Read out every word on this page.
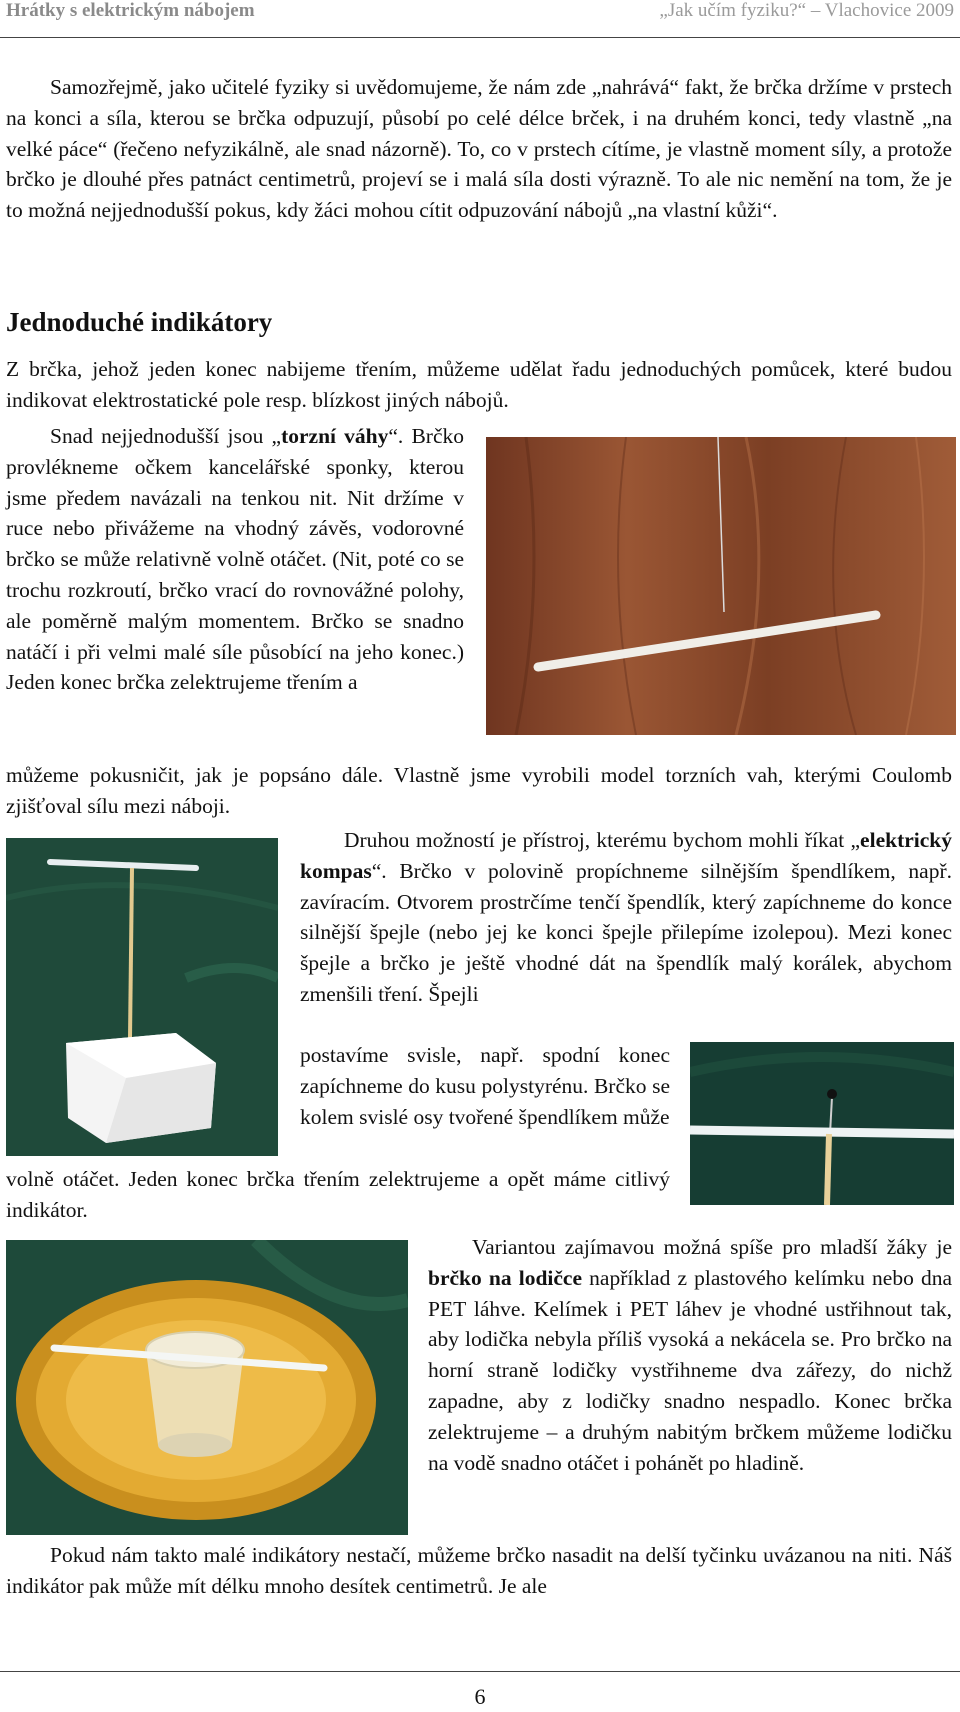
Hrátky s elektrickým nábojem	„Jak učím fyziku?“ – Vlachovice 2009

Samozřejmě, jako učitelé fyziky si uvědomujeme, že nám zde „nahrává“ fakt, že brčka držíme v prstech na konci a síla, kterou se brčka odpuzují, působí po celé délce brček, i na druhém konci, tedy vlastně „na velké páce“ (řečeno nefyzikálně, ale snad názorně). To, co v prstech cítíme, je vlastně moment síly, a protože brčko je dlouhé přes patnáct centimetrů, projeví se i malá síla dosti výrazně. To ale nic nemění na tom, že je to možná nejjednodušší pokus, kdy žáci mohou cítit odpuzování nábojů „na vlastní kůži“.

Jednoduché indikátory

Z brčka, jehož jeden konec nabijeme třením, můžeme udělat řadu jednoduchých pomůcek, které budou indikovat elektrostatické pole resp. blízkost jiných nábojů.

Snad nejjednodušší jsou „torzní váhy“. Brčko provlékneme očkem kancelářské sponky, kterou jsme předem navázali na tenkou nit. Nit držíme v ruce nebo přivážeme na vhodný závěs, vodorovné brčko se může relativně volně otáčet. (Nit, poté co se trochu rozkroutí, brčko vrací do rovnovážné polohy, ale poměrně malým momentem. Brčko se snadno natáčí i při velmi malé síle působící na jeho konec.) Jeden konec brčka zelektrujeme třením a

můžeme pokusničit, jak je popsáno dále. Vlastně jsme vyrobili model torzních vah, kterými Coulomb zjišťoval sílu mezi náboji.

Druhou možností je přístroj, kterému bychom mohli říkat „elektrický kompas“. Brčko v polovině propíchneme silnějším špendlíkem, např. zavíracím. Otvorem prostrčíme tenčí špendlík, který zapíchneme do konce silnější špejle (nebo jej ke konci špejle přilepíme izolepou). Mezi konec špejle a brčko je ještě vhodné dát na špendlík malý korálek, abychom zmenšili tření. Špejli

postavíme svisle, např. spodní konec zapíchneme do kusu polystyrénu. Brčko se kolem svislé osy tvořené špendlíkem může

volně otáčet. Jeden konec brčka třením zelektrujeme a opět máme citlivý indikátor.

Variantou zajímavou možná spíše pro mladší žáky je brčko na lodičce například z plastového kelímku nebo dna PET láhve. Kelímek i PET láhev je vhodné ustřihnout tak, aby lodička nebyla příliš vysoká a nekácela se. Pro brčko na horní straně lodičky vystřihneme dva zářezy, do nichž zapadne, aby z lodičky snadno nespadlo. Konec brčka zelektrujeme – a druhým nabitým brčkem můžeme lodičku na vodě snadno otáčet i pohánět po hladině.

Pokud nám takto malé indikátory nestačí, můžeme brčko nasadit na delší tyčinku uvázanou na niti. Náš indikátor pak může mít délku mnoho desítek centimetrů. Je ale

6
